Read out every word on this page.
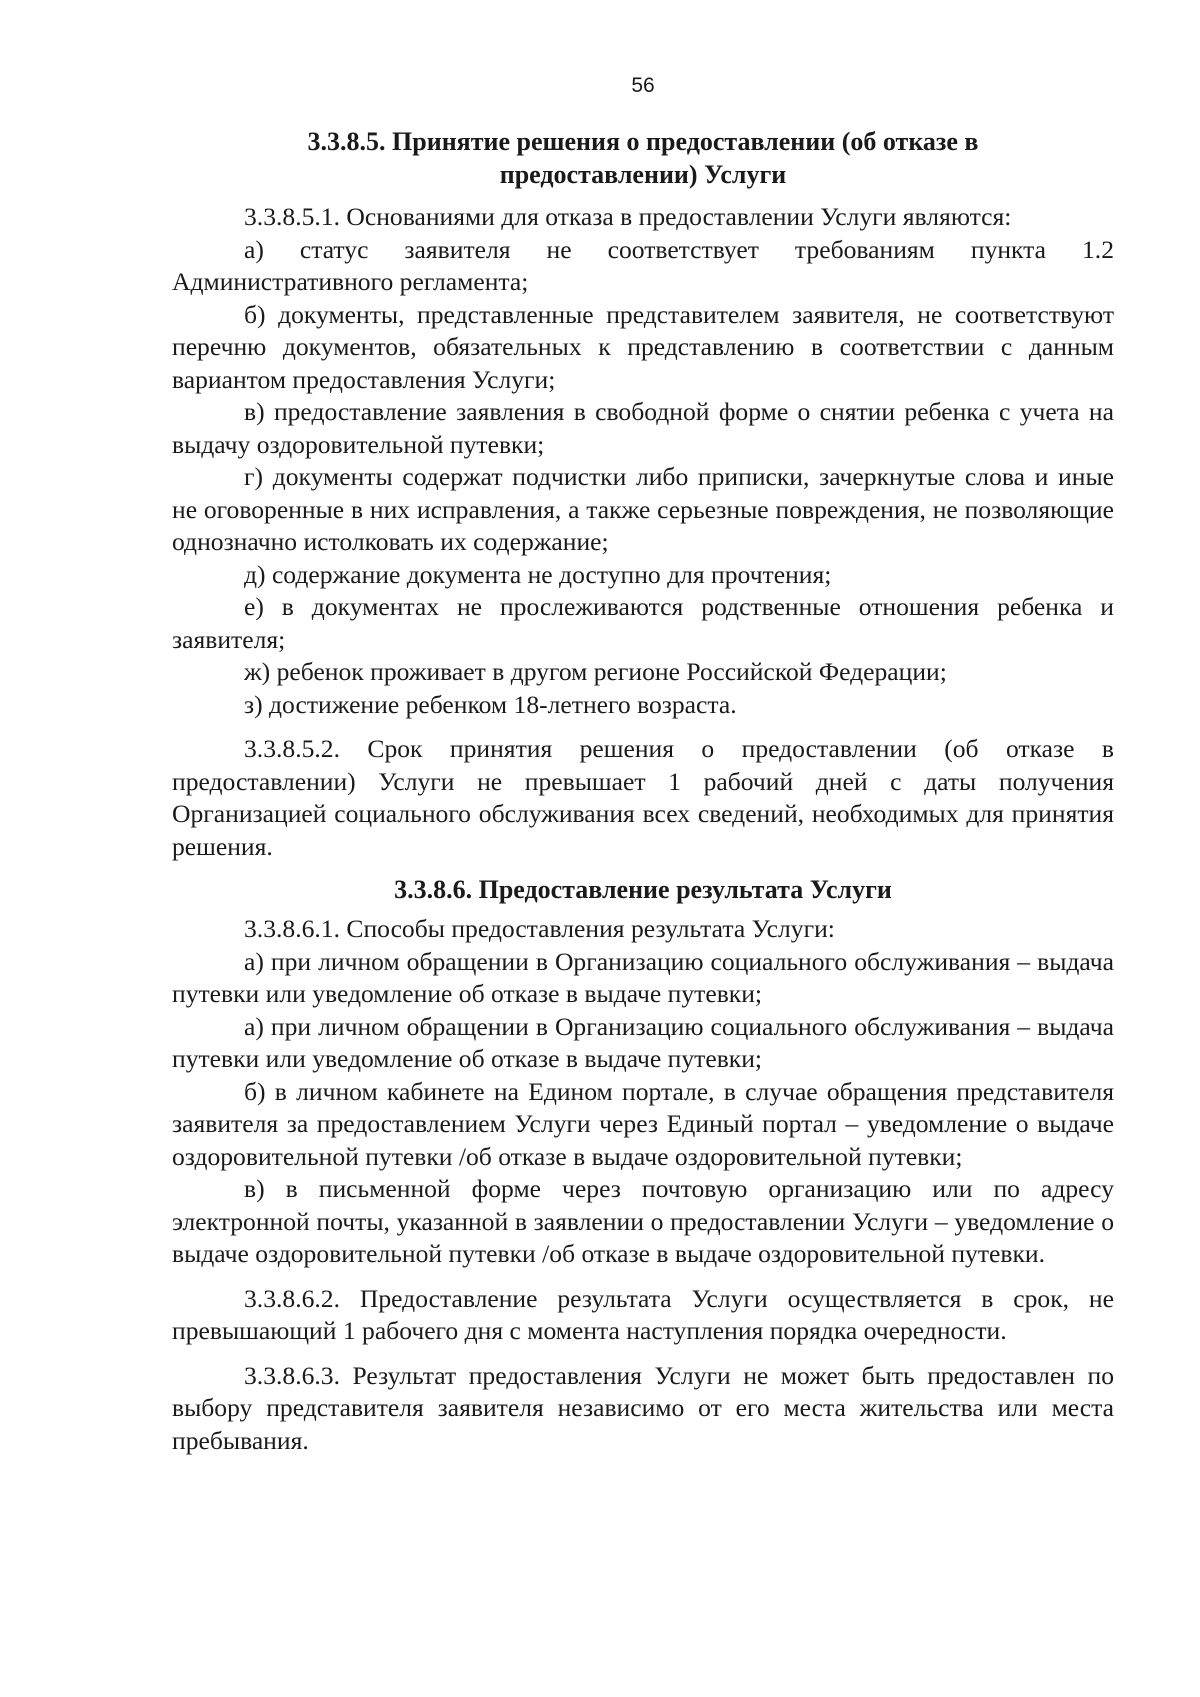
56
3.3.8.5. Принятие решения о предоставлении (об отказе в
предоставлении) Услуги

3.3.8.5.1. Основаниями для отказа в предоставлении Услуги являются:

а) статус заявителя не соответствует требованиям пункта 1.2 Административного регламента;

б) документы, представленные представителем заявителя, не соответствуют перечню документов, обязательных к представлению в соответствии с данным вариантом предоставления Услуги;

в) предоставление заявления в свободной форме о снятии ребенка с учета на выдачу оздоровительной путевки;

г) документы содержат подчистки либо приписки, зачеркнутые слова и иные не оговоренные в них исправления, а также серьезные повреждения, не позволяющие однозначно истолковать их содержание;

д) содержание документа не доступно для прочтения;

е) в документах не прослеживаются родственные отношения ребенка и заявителя;

ж) ребенок проживает в другом регионе Российской Федерации;

з) достижение ребенком 18-летнего возраста.

3.3.8.5.2. Срок принятия решения о предоставлении (об отказе в предоставлении) Услуги не превышает 1 рабочий дней с даты получения Организацией социального обслуживания всех сведений, необходимых для принятия решения.

3.3.8.6. Предоставление результата Услуги

3.3.8.6.1. Способы предоставления результата Услуги:

а) при личном обращении в Организацию социального обслуживания – выдача путевки или уведомление об отказе в выдаче путевки;

а) при личном обращении в Организацию социального обслуживания – выдача путевки или уведомление об отказе в выдаче путевки;

б) в личном кабинете на Едином портале, в случае обращения представителя заявителя за предоставлением Услуги через Единый портал – уведомление о выдаче оздоровительной путевки /об отказе в выдаче оздоровительной путевки;

в) в письменной форме через почтовую организацию или по адресу электронной почты, указанной в заявлении о предоставлении Услуги – уведомление о выдаче оздоровительной путевки /об отказе в выдаче оздоровительной путевки.

3.3.8.6.2. Предоставление результата Услуги осуществляется в срок, не превышающий 1 рабочего дня с момента наступления порядка очередности.

3.3.8.6.3. Результат предоставления Услуги не может быть предоставлен по выбору представителя заявителя независимо от его места жительства или места пребывания.
